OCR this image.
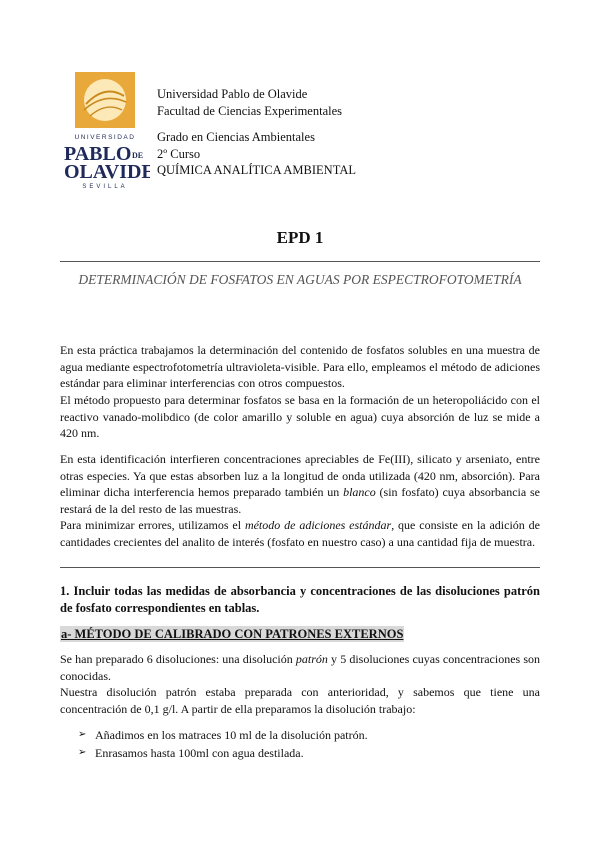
UNIVERSIDAD
PABLO DE
OLAVIDE
SEVILLA
Universidad Pablo de Olavide
Facultad de Ciencias Experimentales
Grado en Ciencias Ambientales
2º Curso
QUÍMICA ANALÍTICA AMBIENTAL
EPD 1
DETERMINACIÓN DE FOSFATOS EN AGUAS POR ESPECTROFOTOMETRÍA
En esta práctica trabajamos la determinación del contenido de fosfatos solubles en una muestra de agua mediante espectrofotometría ultravioleta-visible. Para ello, empleamos el método de adiciones estándar para eliminar interferencias con otros compuestos.
El método propuesto para determinar fosfatos se basa en la formación de un heteropoliácido con el reactivo vanado-molibdico (de color amarillo y soluble en agua) cuya absorción de luz se mide a 420 nm.
En esta identificación interfieren concentraciones apreciables de Fe(III), silicato y arseniato, entre otras especies. Ya que estas absorben luz a la longitud de onda utilizada (420 nm, absorción). Para eliminar dicha interferencia hemos preparado también un blanco (sin fosfato) cuya absorbancia se restará de la del resto de las muestras.
Para minimizar errores, utilizamos el método de adiciones estándar, que consiste en la adición de cantidades crecientes del analito de interés (fosfato en nuestro caso) a una cantidad fija de muestra.
1. Incluir todas las medidas de absorbancia y concentraciones de las disoluciones patrón de fosfato correspondientes en tablas.
a- MÉTODO DE CALIBRADO CON PATRONES EXTERNOS
Se han preparado 6 disoluciones: una disolución patrón y 5 disoluciones cuyas concentraciones son conocidas.
Nuestra disolución patrón estaba preparada con anterioridad, y sabemos que tiene una concentración de 0,1 g/l. A partir de ella preparamos la disolución trabajo:
➢ Añadimos en los matraces 10 ml de la disolución patrón.
➢ Enrasamos hasta 100ml con agua destilada.
